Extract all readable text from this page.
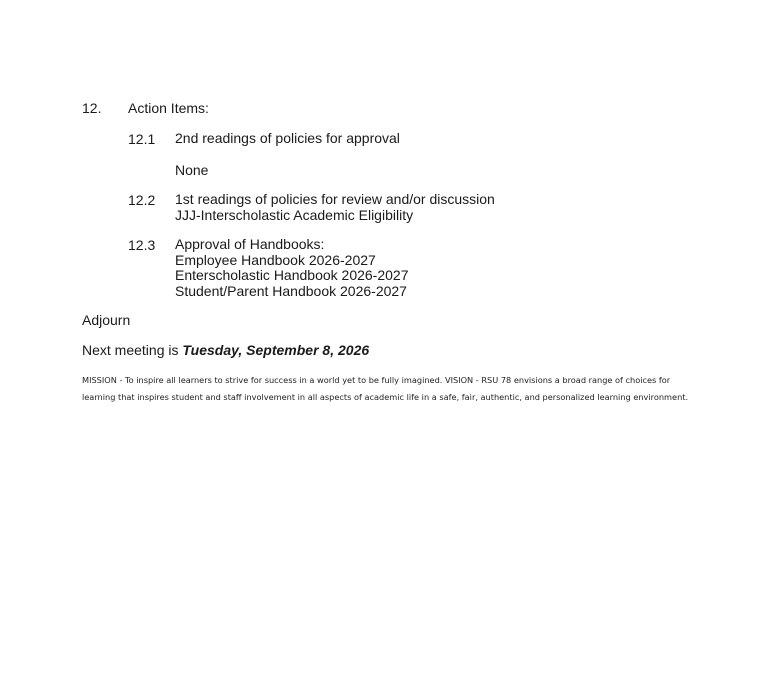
12. Action Items:
12.1 2nd readings of policies for approval
None
12.2 1st readings of policies for review and/or discussion
JJJ-Interscholastic Academic Eligibility
12.3 Approval of Handbooks:
Employee Handbook 2026-2027
Enterscholastic Handbook 2026-2027
Student/Parent Handbook 2026-2027
Adjourn
Next meeting is Tuesday, September 8, 2026
MISSION - To inspire all learners to strive for success in a world yet to be fully imagined. VISION - RSU 78 envisions a broad range of choices for learning that inspires student and staff involvement in all aspects of academic life in a safe, fair, authentic, and personalized learning environment.
